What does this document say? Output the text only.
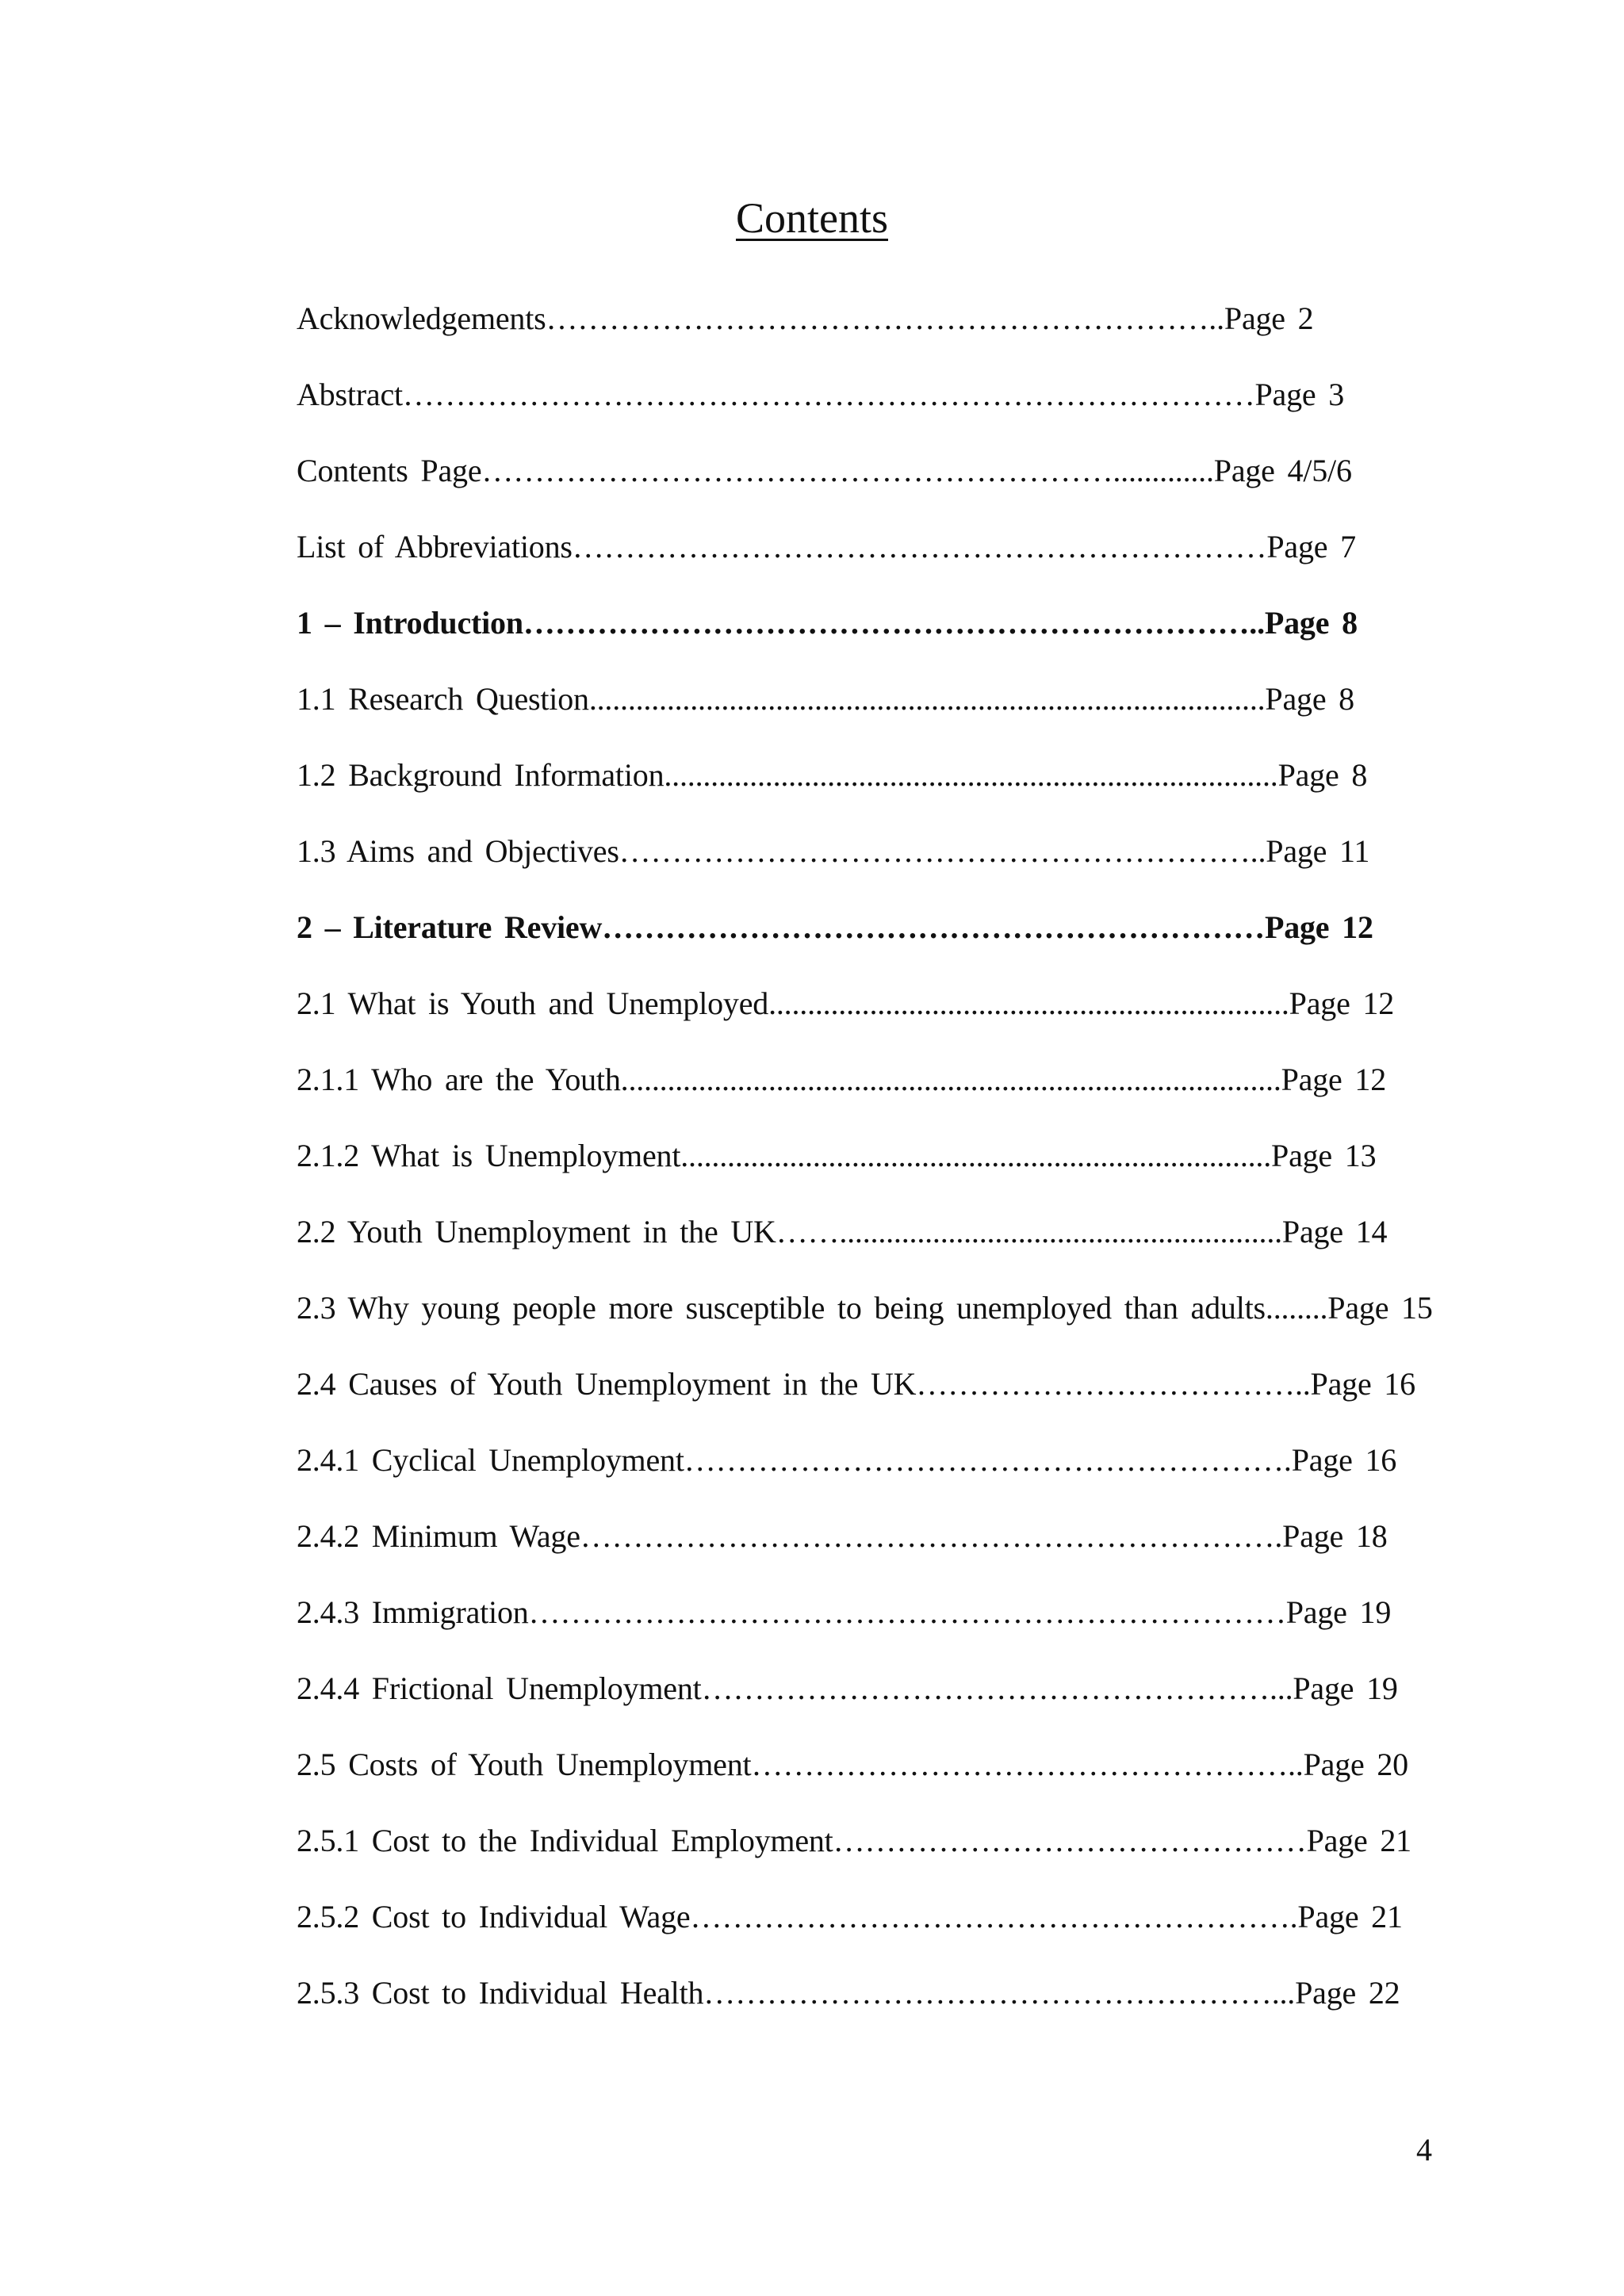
Contents
Acknowledgements………………………………………………………..Page 2
Abstract………………………………………………………………………Page 3
Contents Page…………………………………………………….............Page 4/5/6
List of Abbreviations…………………………………………………………Page 7
1 – Introduction……………………………………………………………..Page 8
1.1 Research Question.......................................................................................Page 8
1.2 Background Information...............................................................................Page 8
1.3 Aims and Objectives……………………………………………………..Page 11
2 – Literature Review………………………………………………………Page 12
2.1 What is Youth and Unemployed...................................................................Page 12
2.1.1 Who are the Youth.....................................................................................Page 12
2.1.2 What is Unemployment............................................................................Page 13
2.2 Youth Unemployment in the UK…….........................................................Page 14
2.3 Why young people more susceptible to being unemployed than adults........Page 15
2.4 Causes of Youth Unemployment in the UK………………………………..Page 16
2.4.1 Cyclical Unemployment………………………………………………….Page 16
2.4.2 Minimum Wage………………………………………………………….Page 18
2.4.3 Immigration………………………………………………………………Page 19
2.4.4 Frictional Unemployment………………………………………………...Page 19
2.5 Costs of Youth Unemployment……………………………………………..Page 20
2.5.1 Cost to the Individual Employment………………………………………Page 21
2.5.2 Cost to Individual Wage………………………………………………….Page 21
2.5.3 Cost to Individual Health………………………………………………...Page 22
4
